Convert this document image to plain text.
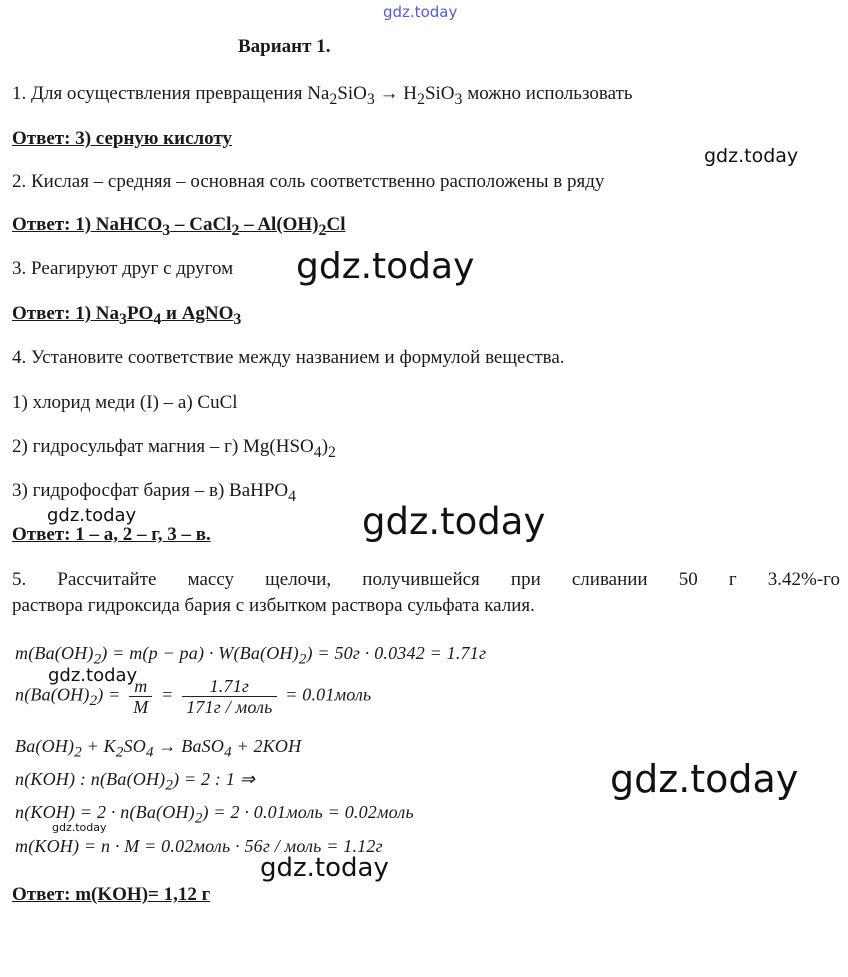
gdz.today
gdz.today
gdz.today
gdz.today	gdz.today
gdz.today
gdz.today
gdz.today
gdz.today
Вариант 1.
1. Для осуществления превращения $Na_2SiO_3 \to H_2SiO_3$ можно использовать
Ответ: 3) серную кислоту
2. Кислая – средняя – основная соль соответственно расположены в ряду
Ответ: 1) NaHCO$_3$ – CaCl$_2$ – $Al(OH)_2Cl$
3. Реагируют друг с другом
Ответ: 1) $Na_3PO_4$ и AgNO$_3$
4. Установите соответствие между названием и формулой вещества.
1) хлорид меди (I) – а) CuCl
2) гидросульфат магния – г) $Mg(HSO_4)_2$
3) гидрофосфат бария – в) BaHPO$_4$
Ответ: 1 – а, 2 – г, 3 – в.
5. Рассчитайте массу щелочи, получившейся при сливании 50 г 3.42%-го
раствора гидроксида бария с избытком раствора сульфата калия.
$m(Ba(OH)_2) = m(p - pa) \cdot W(Ba(OH)_2) = 50г \cdot 0.0342 = 1.71г$
$n(Ba(OH)_2) = \frac{m}{M} = \frac{1.71г}{\text{171г / моль}}$ = 0.01моль
$Ba(OH)_2 + K_2SO_4$ → BaSO$_4$ + 2KOH
n(KOH) : $n(Ba(OH)_2) = 2$ : 1 ⇒
$n(KOH) = 2 \cdot n(Ba(OH)_2) = 2$ · 0.01моль = 0.02моль
m(KOH) = n · M = 0.02моль · 56г / моль = 1.12г
Ответ: m(KOH)= 1,12 г
